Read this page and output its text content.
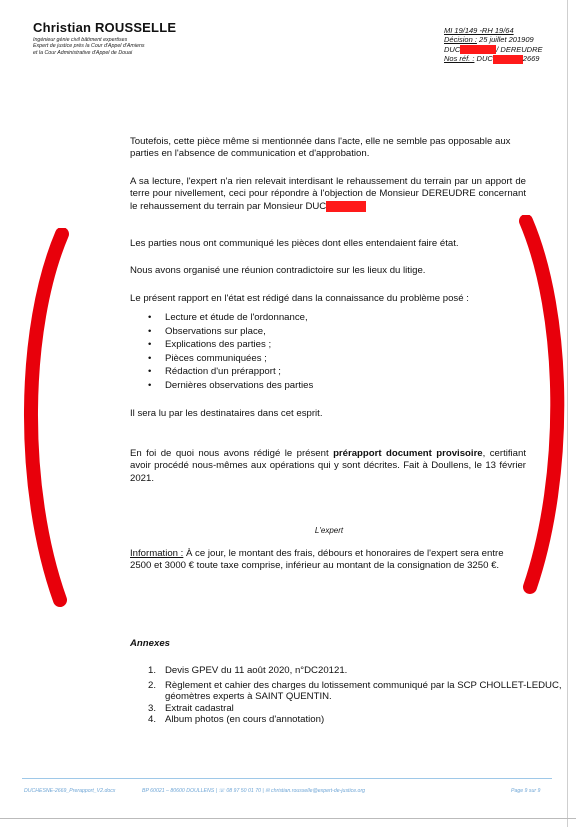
Christian ROUSSELLE
Ingénieur génie civil bâtiment expertises
Expert de justice près la Cour d'Appel d'Amiens
et la Cour Administrative d'Appel de Douai
MI 19/149 -RH 19/64
Décision : 25 juillet 201909
DUC	/ DEREUDRE
Nos réf. : DUC	2669

Toutefois, cette pièce même si mentionnée dans l'acte, elle ne semble pas opposable aux parties en l'absence de communication et d'approbation.

A sa lecture, l'expert n'a rien relevait interdisant le rehaussement du terrain par un apport de terre pour nivellement, ceci pour répondre à l'objection de Monsieur DEREUDRE concernant le rehaussement du terrain par Monsieur DUC

Les parties nous ont communiqué les pièces dont elles entendaient faire état.

Nous avons organisé une réunion contradictoire sur les lieux du litige.

Le présent rapport en l'état est rédigé dans la connaissance du problème posé :

• Lecture et étude de l'ordonnance,
• Observations sur place,
• Explications des parties ;
• Pièces communiquées ;
• Rédaction d'un prérapport ;
• Dernières observations des parties

Il sera lu par les destinataires dans cet esprit.

En foi de quoi nous avons rédigé le présent prérapport document provisoire, certifiant avoir procédé nous-mêmes aux opérations qui y sont décrites. Fait à Doullens, le 13 février 2021.

L'expert

Information : À ce jour, le montant des frais, débours et honoraires de l'expert sera entre 2500 et 3000 € toute taxe comprise, inférieur au montant de la consignation de 3250 €.

Annexes
1. Devis GPEV du 11 août 2020, n°DC20121.
2. Règlement et cahier des charges du lotissement communiqué par la SCP CHOLLET-LEDUC, géomètres experts à SAINT QUENTIN.
3. Extrait cadastral
4. Album photos (en cours d'annotation)
DUCHESNE-2669_Prerapport_V2.docx	BP 60021 – 80600 DOULLENS | ☏ 08 97 50 01 70 | ✉ christian.rousselle@expert-de-justice.org	Page 9 sur 9
